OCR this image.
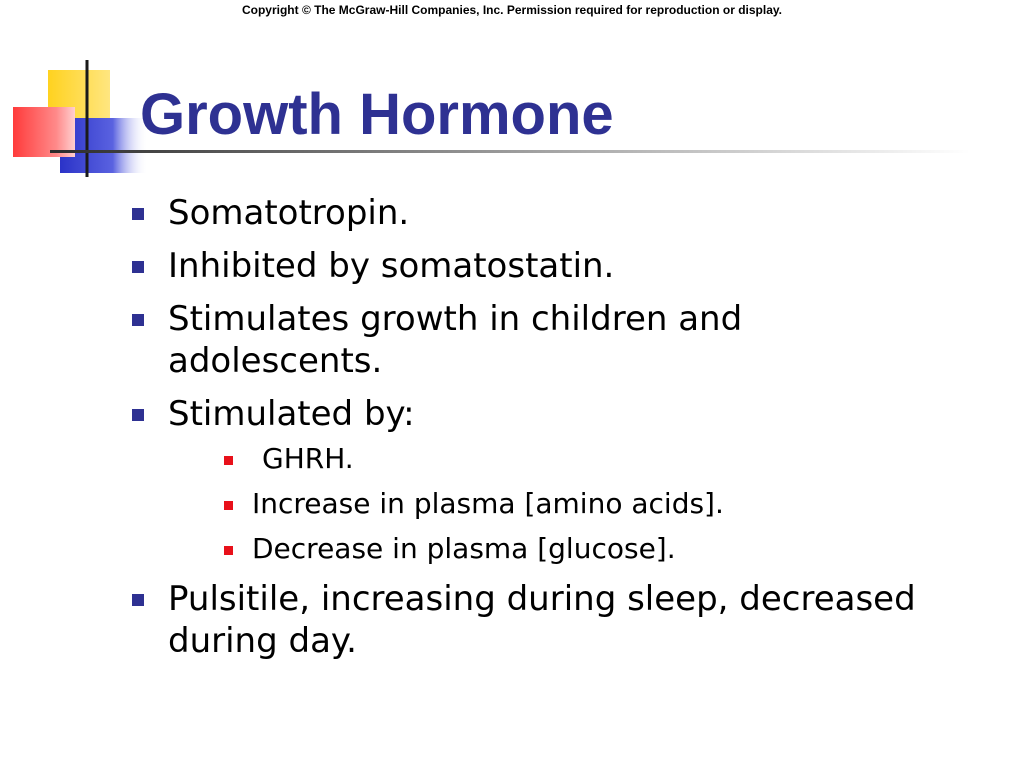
Copyright © The McGraw-Hill Companies, Inc. Permission required for reproduction or display.
Growth Hormone
Somatotropin.
Inhibited by somatostatin.
Stimulates growth in children and adolescents.
Stimulated by:
GHRH.
Increase in plasma [amino acids].
Decrease in plasma [glucose].
Pulsitile, increasing during sleep, decreased during day.
